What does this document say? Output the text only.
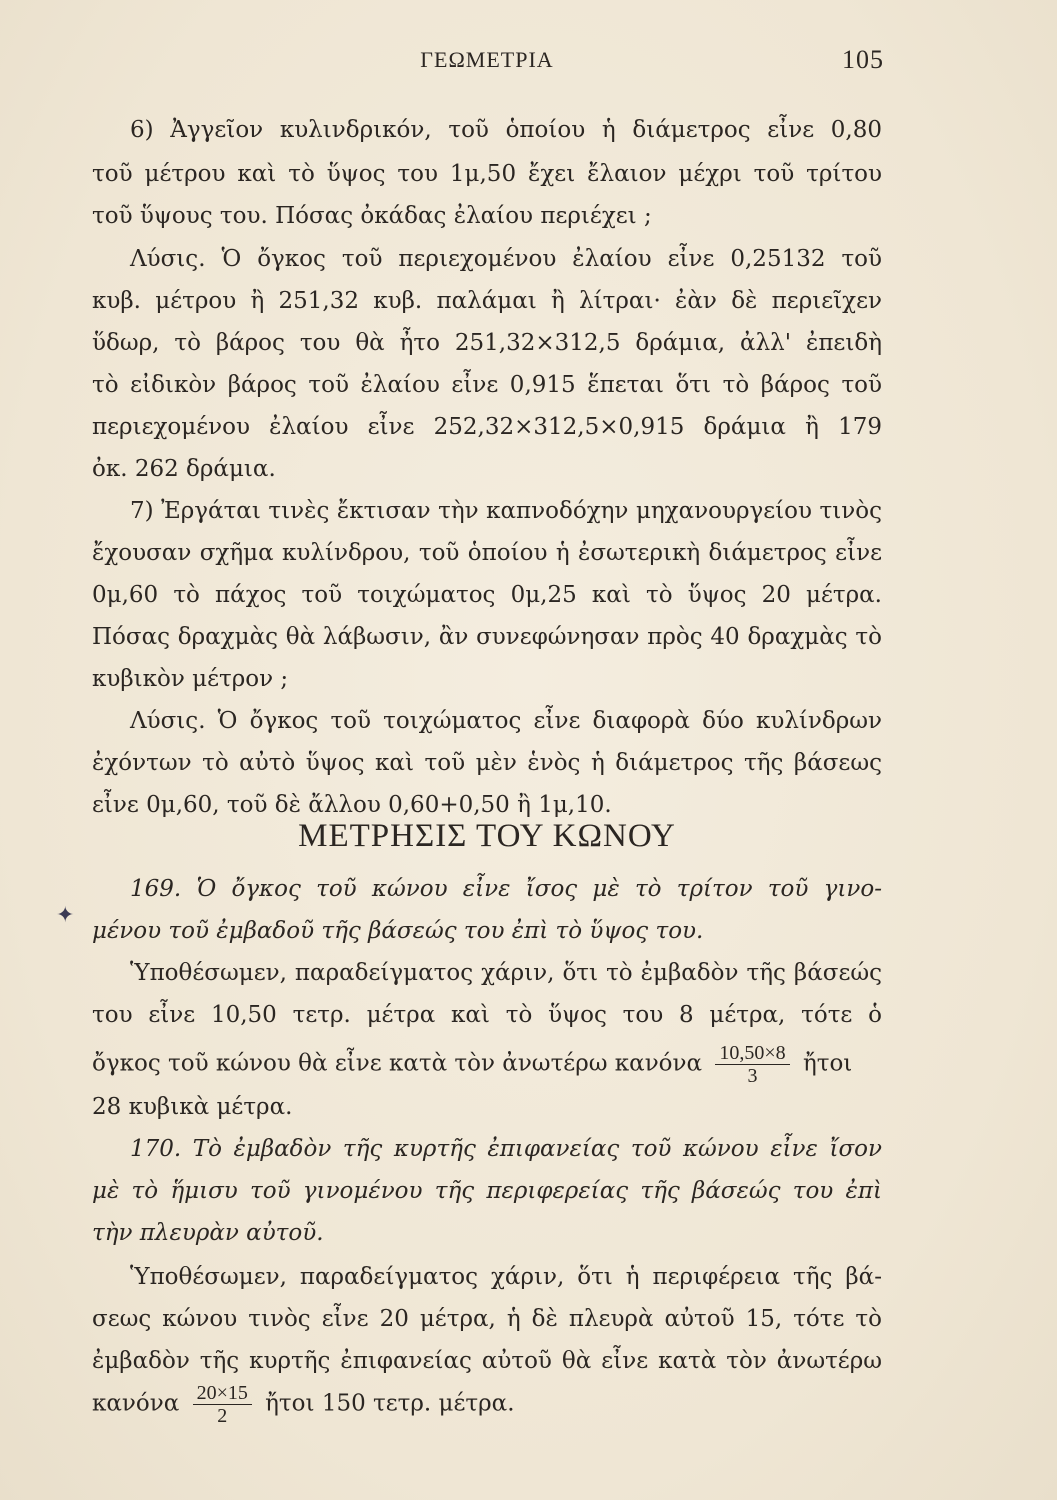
ΓΕΩΜΕΤΡΙΑ	105
6) Ἀγγεῖον κυλινδρικόν, τοῦ ὁποίου ἡ διάμετρος εἶνε 0,80
τοῦ μέτρου καὶ τὸ ὕψος του 1μ,50 ἔχει ἔλαιον μέχρι τοῦ τρίτου
τοῦ ὕψους του. Πόσας ὀκάδας ἐλαίου περιέχει ;
Λύσις. Ὁ ὄγκος τοῦ περιεχομένου ἐλαίου εἶνε 0,25132 τοῦ
κυβ. μέτρου ἢ 251,32 κυβ. παλάμαι ἢ λίτραι· ἐὰν δὲ περιεῖχεν
ὕδωρ, τὸ βάρος του θὰ ἦτο 251,32×312,5 δράμια, ἀλλ' ἐπειδὴ
τὸ εἰδικὸν βάρος τοῦ ἐλαίου εἶνε 0,915 ἕπεται ὅτι τὸ βάρος τοῦ
περιεχομένου ἐλαίου εἶνε 252,32×312,5×0,915 δράμια ἢ 179
ὀκ. 262 δράμια.
7) Ἐργάται τινὲς ἔκτισαν τὴν καπνοδόχην μηχανουργείου τινὸς
ἔχουσαν σχῆμα κυλίνδρου, τοῦ ὁποίου ἡ ἐσωτερικὴ διάμετρος εἶνε
0μ,60 τὸ πάχος τοῦ τοιχώματος 0μ,25 καὶ τὸ ὕψος 20 μέτρα.
Πόσας δραχμὰς θὰ λάβωσιν, ἂν συνεφώνησαν πρὸς 40 δραχμὰς τὸ
κυβικὸν μέτρον ;
Λύσις. Ὁ ὄγκος τοῦ τοιχώματος εἶνε διαφορὰ δύο κυλίνδρων
ἐχόντων τὸ αὐτὸ ὕψος καὶ τοῦ μὲν ἑνὸς ἡ διάμετρος τῆς βάσεως
εἶνε 0μ,60, τοῦ δὲ ἄλλου 0,60+0,50 ἢ 1μ,10.
ΜΕΤΡΗΣΙΣ ΤΟΥ ΚΩΝΟΥ
✦
169. Ὁ ὄγκος τοῦ κώνου εἶνε ἴσος μὲ τὸ τρίτον τοῦ γινο-
μένου τοῦ ἐμβαδοῦ τῆς βάσεώς του ἐπὶ τὸ ὕψος του.
Ὑποθέσωμεν, παραδείγματος χάριν, ὅτι τὸ ἐμβαδὸν τῆς βάσεώς
του εἶνε 10,50 τετρ. μέτρα καὶ τὸ ὕψος του 8 μέτρα, τότε ὁ
ὄγκος τοῦ κώνου θὰ εἶνε κατὰ τὸν ἀνωτέρω κανόνα $\frac{10,50\times 8}{3}$ ἤτοι
28 κυβικὰ μέτρα.
170. Τὸ ἐμβαδὸν τῆς κυρτῆς ἐπιφανείας τοῦ κώνου εἶνε ἴσον
μὲ τὸ ἥμισυ τοῦ γινομένου τῆς περιφερείας τῆς βάσεώς του ἐπὶ
τὴν πλευρὰν αὐτοῦ.
Ὑποθέσωμεν, παραδείγματος χάριν, ὅτι ἡ περιφέρεια τῆς βά-
σεως κώνου τινὸς εἶνε 20 μέτρα, ἡ δὲ πλευρὰ αὐτοῦ 15, τότε τὸ
ἐμβαδὸν τῆς κυρτῆς ἐπιφανείας αὐτοῦ θὰ εἶνε κατὰ τὸν ἀνωτέρω
κανόνα $\frac{20\times 15}{2}$ ἤτοι 150 τετρ. μέτρα.
